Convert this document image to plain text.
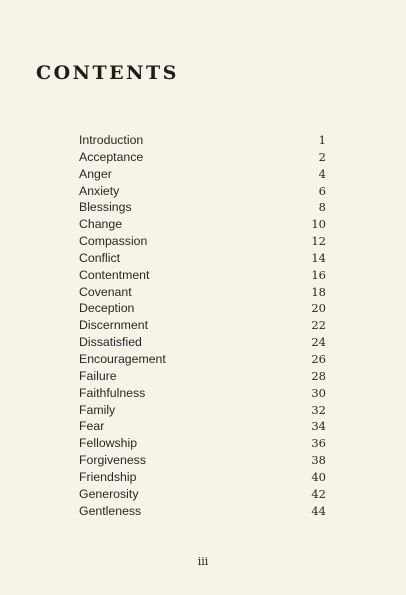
CONTENTS
Introduction	1
Acceptance	2
Anger	4
Anxiety	6
Blessings	8
Change	10
Compassion	12
Conflict	14
Contentment	16
Covenant	18
Deception	20
Discernment	22
Dissatisfied	24
Encouragement	26
Failure	28
Faithfulness	30
Family	32
Fear	34
Fellowship	36
Forgiveness	38
Friendship	40
Generosity	42
Gentleness	44
iii
